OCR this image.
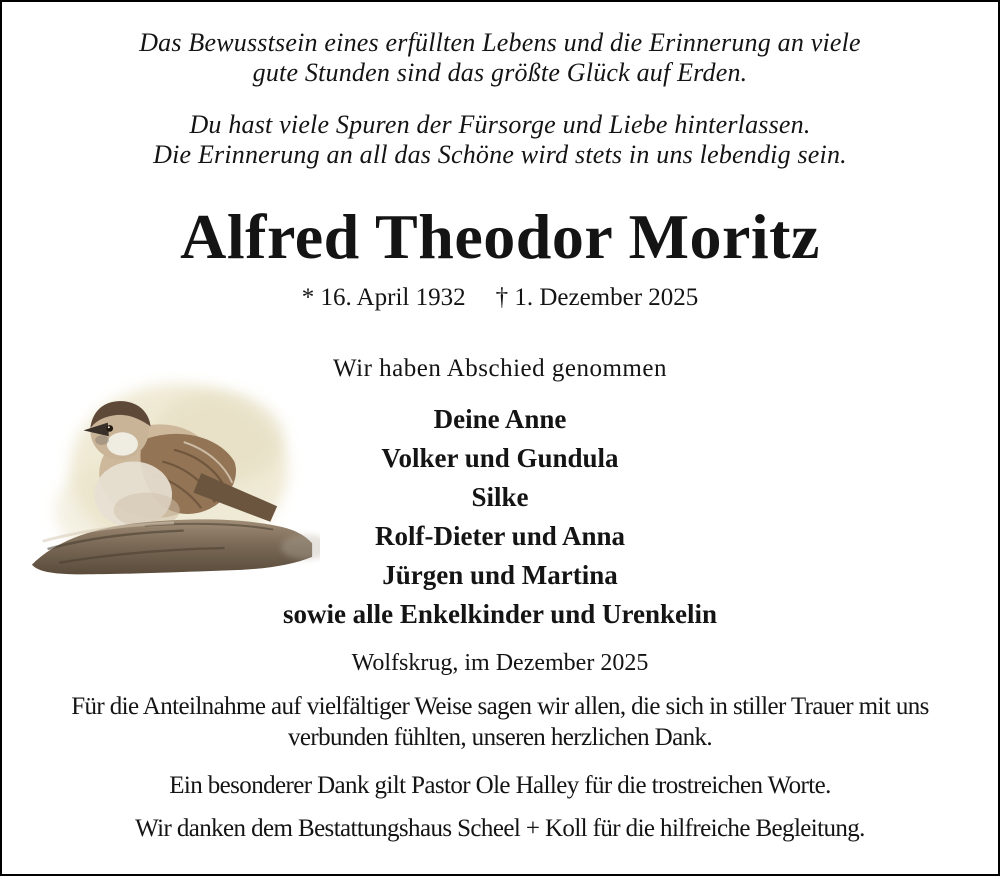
Das Bewusstsein eines erfüllten Lebens und die Erinnerung an viele
gute Stunden sind das größte Glück auf Erden.
Du hast viele Spuren der Fürsorge und Liebe hinterlassen.
Die Erinnerung an all das Schöne wird stets in uns lebendig sein.
Alfred Theodor Moritz
* 16. April 1932 † 1. Dezember 2025
Wir haben Abschied genommen
Deine Anne
Volker und Gundula
Silke
Rolf-Dieter und Anna
Jürgen und Martina
sowie alle Enkelkinder und Urenkelin
Wolfskrug, im Dezember 2025
Für die Anteilnahme auf vielfältiger Weise sagen wir allen, die sich in stiller Trauer mit uns verbunden fühlten, unseren herzlichen Dank.
Ein besonderer Dank gilt Pastor Ole Halley für die trostreichen Worte.
Wir danken dem Bestattungshaus Scheel + Koll für die hilfreiche Begleitung.
